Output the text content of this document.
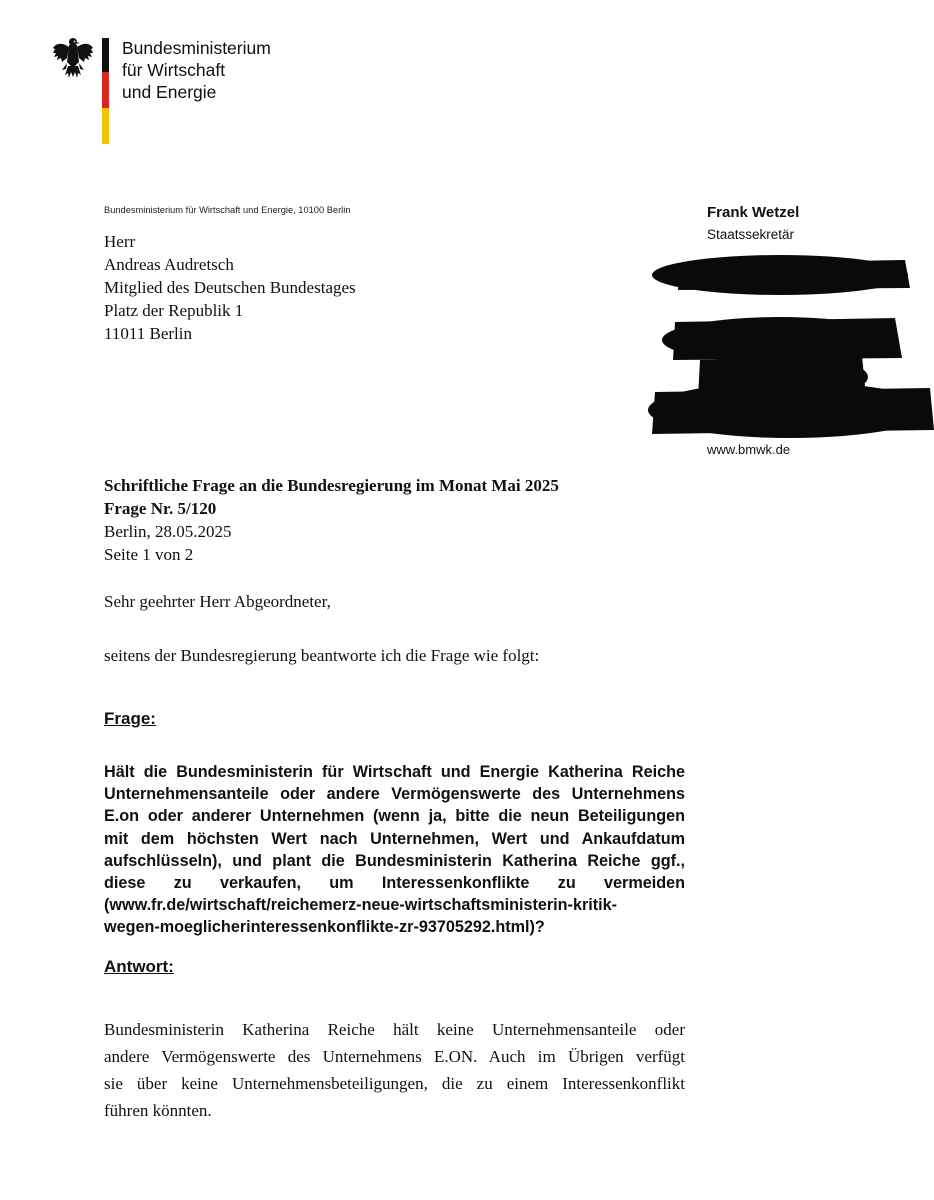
Bundesministerium
für Wirtschaft
und Energie
Bundesministerium für Wirtschaft und Energie, 10100 Berlin
Herr
Andreas Audretsch
Mitglied des Deutschen Bundestages
Platz der Republik 1
11011 Berlin
Frank Wetzel
Staatssekretär
www.bmwk.de
Schriftliche Frage an die Bundesregierung im Monat Mai 2025
Frage Nr. 5/120
Berlin, 28.05.2025
Seite 1 von 2
Sehr geehrter Herr Abgeordneter,
seitens der Bundesregierung beantworte ich die Frage wie folgt:
Frage:

Hält die Bundesministerin für Wirtschaft und Energie Katherina Reiche
Unternehmensanteile oder andere Vermögenswerte des Unternehmens
E.on oder anderer Unternehmen (wenn ja, bitte die neun Beteiligungen
mit dem höchsten Wert nach Unternehmen, Wert und Ankaufdatum
aufschlüsseln), und plant die Bundesministerin Katherina Reiche ggf.,
diese zu verkaufen, um Interessenkonflikte zu vermeiden
(www.fr.de/wirtschaft/reichemerz-neue-wirtschaftsministerin-kritik-
wegen-moeglicherinteressenkonflikte-zr-93705292.html)?

Antwort:

Bundesministerin Katherina Reiche hält keine Unternehmensanteile oder
andere Vermögenswerte des Unternehmens E.ON. Auch im Übrigen verfügt
sie über keine Unternehmensbeteiligungen, die zu einem Interessenkonflikt
führen könnten.
